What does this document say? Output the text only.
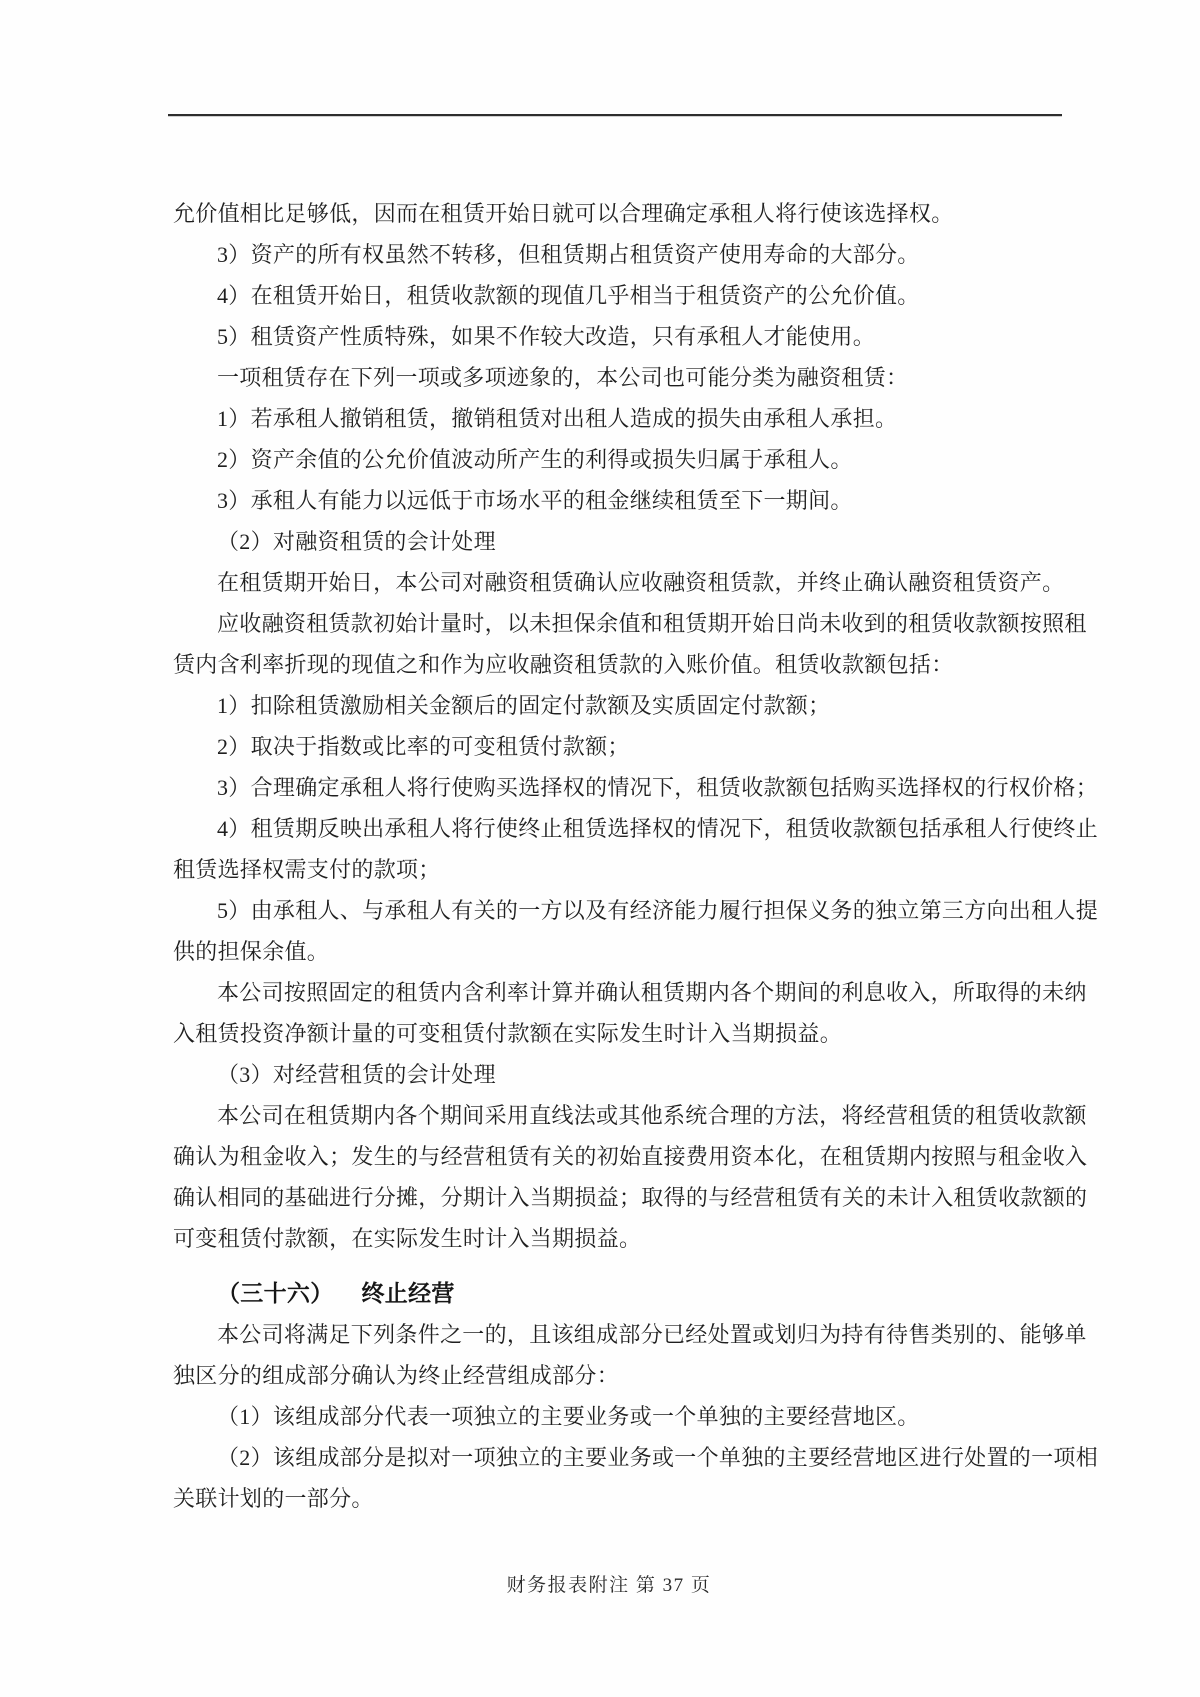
允价值相比足够低，因而在租赁开始日就可以合理确定承租人将行使该选择权。
3）资产的所有权虽然不转移，但租赁期占租赁资产使用寿命的大部分。
4）在租赁开始日，租赁收款额的现值几乎相当于租赁资产的公允价值。
5）租赁资产性质特殊，如果不作较大改造，只有承租人才能使用。
一项租赁存在下列一项或多项迹象的，本公司也可能分类为融资租赁：
1）若承租人撤销租赁，撤销租赁对出租人造成的损失由承租人承担。
2）资产余值的公允价值波动所产生的利得或损失归属于承租人。
3）承租人有能力以远低于市场水平的租金继续租赁至下一期间。
（2）对融资租赁的会计处理
在租赁期开始日，本公司对融资租赁确认应收融资租赁款，并终止确认融资租赁资产。
应收融资租赁款初始计量时，以未担保余值和租赁期开始日尚未收到的租赁收款额按照租
赁内含利率折现的现值之和作为应收融资租赁款的入账价值。租赁收款额包括：
1）扣除租赁激励相关金额后的固定付款额及实质固定付款额；
2）取决于指数或比率的可变租赁付款额；
3）合理确定承租人将行使购买选择权的情况下，租赁收款额包括购买选择权的行权价格；
4）租赁期反映出承租人将行使终止租赁选择权的情况下，租赁收款额包括承租人行使终止
租赁选择权需支付的款项；
5）由承租人、与承租人有关的一方以及有经济能力履行担保义务的独立第三方向出租人提
供的担保余值。
本公司按照固定的租赁内含利率计算并确认租赁期内各个期间的利息收入，所取得的未纳
入租赁投资净额计量的可变租赁付款额在实际发生时计入当期损益。
（3）对经营租赁的会计处理
本公司在租赁期内各个期间采用直线法或其他系统合理的方法，将经营租赁的租赁收款额
确认为租金收入；发生的与经营租赁有关的初始直接费用资本化，在租赁期内按照与租金收入
确认相同的基础进行分摊，分期计入当期损益；取得的与经营租赁有关的未计入租赁收款额的
可变租赁付款额，在实际发生时计入当期损益。
（三十六） 终止经营
本公司将满足下列条件之一的，且该组成部分已经处置或划归为持有待售类别的、能够单
独区分的组成部分确认为终止经营组成部分：
（1）该组成部分代表一项独立的主要业务或一个单独的主要经营地区。
（2）该组成部分是拟对一项独立的主要业务或一个单独的主要经营地区进行处置的一项相
关联计划的一部分。
财务报表附注 第 37 页
